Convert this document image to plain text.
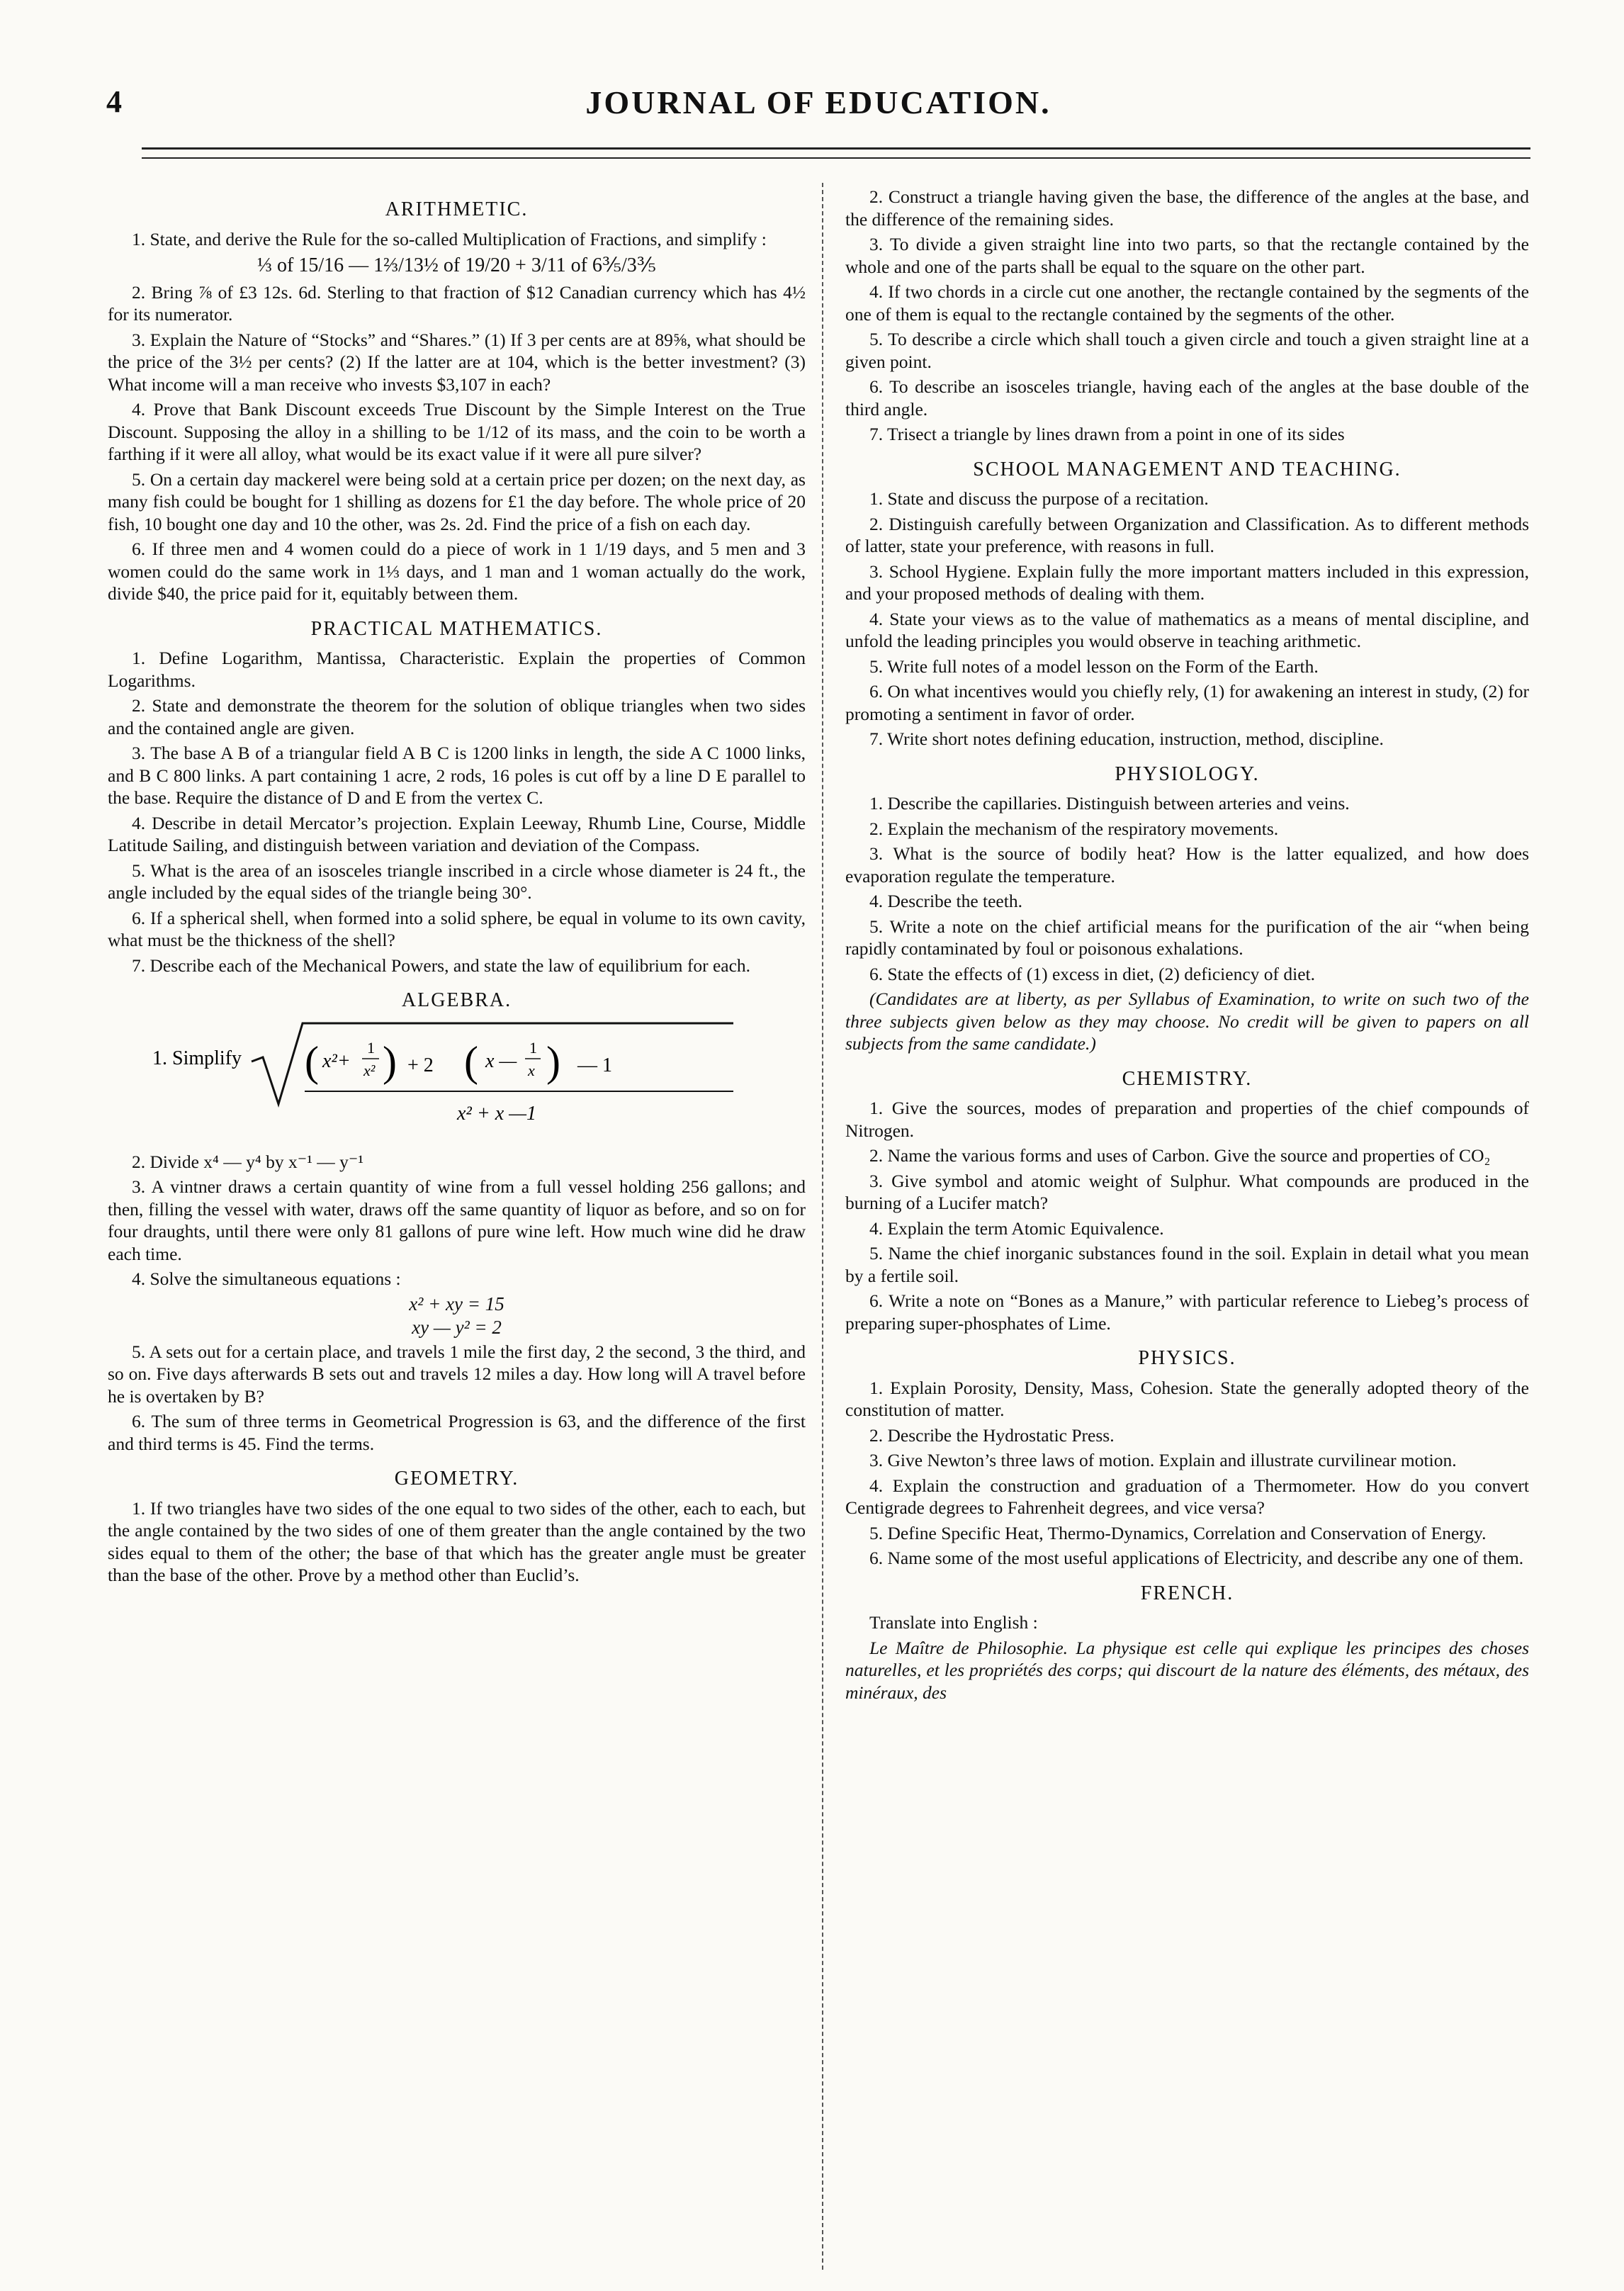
4	JOURNAL OF EDUCATION.
ARITHMETIC.

1. State, and derive the Rule for the so-called Multiplication of Fractions, and simplify :

⅓ of 15/16 — 1⅔/13½ of 19/20 + 3/11 of 6⅗/3⅗

2. Bring ⅞ of £3 12s. 6d. Sterling to that fraction of $12 Canadian currency which has 4½ for its numerator.

3. Explain the Nature of “Stocks” and “Shares.” (1) If 3 per cents are at 89⅝, what should be the price of the 3½ per cents? (2) If the latter are at 104, which is the better investment? (3) What income will a man receive who invests $3,107 in each?

4. Prove that Bank Discount exceeds True Discount by the Simple Interest on the True Discount. Supposing the alloy in a shilling to be 1/12 of its mass, and the coin to be worth a farthing if it were all alloy, what would be its exact value if it were all pure silver?

5. On a certain day mackerel were being sold at a certain price per dozen; on the next day, as many fish could be bought for 1 shilling as dozens for £1 the day before. The whole price of 20 fish, 10 bought one day and 10 the other, was 2s. 2d. Find the price of a fish on each day.

6. If three men and 4 women could do a piece of work in 1 1/19 days, and 5 men and 3 women could do the same work in 1⅓ days, and 1 man and 1 woman actually do the work, divide $40, the price paid for it, equitably between them.

PRACTICAL MATHEMATICS.

1. Define Logarithm, Mantissa, Characteristic. Explain the properties of Common Logarithms.

2. State and demonstrate the theorem for the solution of oblique triangles when two sides and the contained angle are given.

3. The base A B of a triangular field A B C is 1200 links in length, the side A C 1000 links, and B C 800 links. A part containing 1 acre, 2 rods, 16 poles is cut off by a line D E parallel to the base. Require the distance of D and E from the vertex C.

4. Describe in detail Mercator’s projection. Explain Leeway, Rhumb Line, Course, Middle Latitude Sailing, and distinguish between variation and deviation of the Compass.

5. What is the area of an isosceles triangle inscribed in a circle whose diameter is 24 ft., the angle included by the equal sides of the triangle being 30°.

6. If a spherical shell, when formed into a solid sphere, be equal in volume to its own cavity, what must be the thickness of the shell?

7. Describe each of the Mechanical Powers, and state the law of equilibrium for each.

ALGEBRA.
1. Simplify ( x²+
1
x² ) + 2 ( x —
1
x ) — 1
x² + x —1

2. Divide x⁴ — y⁴ by x⁻¹ — y⁻¹

3. A vintner draws a certain quantity of wine from a full vessel holding 256 gallons; and then, filling the vessel with water, draws off the same quantity of liquor as before, and so on for four draughts, until there were only 81 gallons of pure wine left. How much wine did he draw each time.

4. Solve the simultaneous equations :

x² + xy = 15
xy — y² = 2

5. A sets out for a certain place, and travels 1 mile the first day, 2 the second, 3 the third, and so on. Five days afterwards B sets out and travels 12 miles a day. How long will A travel before he is overtaken by B?

6. The sum of three terms in Geometrical Progression is 63, and the difference of the first and third terms is 45. Find the terms.

GEOMETRY.

1. If two triangles have two sides of the one equal to two sides of the other, each to each, but the angle contained by the two sides of one of them greater than the angle contained by the two sides equal to them of the other; the base of that which has the greater angle must be greater than the base of the other. Prove by a method other than Euclid’s.

2. Construct a triangle having given the base, the difference of the angles at the base, and the difference of the remaining sides.

3. To divide a given straight line into two parts, so that the rectangle contained by the whole and one of the parts shall be equal to the square on the other part.

4. If two chords in a circle cut one another, the rectangle contained by the segments of the one of them is equal to the rectangle contained by the segments of the other.

5. To describe a circle which shall touch a given circle and touch a given straight line at a given point.

6. To describe an isosceles triangle, having each of the angles at the base double of the third angle.

7. Trisect a triangle by lines drawn from a point in one of its sides

SCHOOL MANAGEMENT AND TEACHING.

1. State and discuss the purpose of a recitation.

2. Distinguish carefully between Organization and Classification. As to different methods of latter, state your preference, with reasons in full.

3. School Hygiene. Explain fully the more important matters included in this expression, and your proposed methods of dealing with them.

4. State your views as to the value of mathematics as a means of mental discipline, and unfold the leading principles you would observe in teaching arithmetic.

5. Write full notes of a model lesson on the Form of the Earth.

6. On what incentives would you chiefly rely, (1) for awakening an interest in study, (2) for promoting a sentiment in favor of order.

7. Write short notes defining education, instruction, method, discipline.

PHYSIOLOGY.

1. Describe the capillaries. Distinguish between arteries and veins.

2. Explain the mechanism of the respiratory movements.

3. What is the source of bodily heat? How is the latter equalized, and how does evaporation regulate the temperature.

4. Describe the teeth.

5. Write a note on the chief artificial means for the purification of the air “when being rapidly contaminated by foul or poisonous exhalations.

6. State the effects of (1) excess in diet, (2) deficiency of diet.

(Candidates are at liberty, as per Syllabus of Examination, to write on such two of the three subjects given below as they may choose. No credit will be given to papers on all subjects from the same candidate.)

CHEMISTRY.

1. Give the sources, modes of preparation and properties of the chief compounds of Nitrogen.

2. Name the various forms and uses of Carbon. Give the source and properties of CO₂

3. Give symbol and atomic weight of Sulphur. What compounds are produced in the burning of a Lucifer match?

4. Explain the term Atomic Equivalence.

5. Name the chief inorganic substances found in the soil. Explain in detail what you mean by a fertile soil.

6. Write a note on “Bones as a Manure,” with particular reference to Liebeg’s process of preparing super-phosphates of Lime.

PHYSICS.

1. Explain Porosity, Density, Mass, Cohesion. State the generally adopted theory of the constitution of matter.

2. Describe the Hydrostatic Press.

3. Give Newton’s three laws of motion. Explain and illustrate curvilinear motion.

4. Explain the construction and graduation of a Thermometer. How do you convert Centigrade degrees to Fahrenheit degrees, and vice versa?

5. Define Specific Heat, Thermo-Dynamics, Correlation and Conservation of Energy.

6. Name some of the most useful applications of Electricity, and describe any one of them.

FRENCH.

Translate into English :

Le Maître de Philosophie. La physique est celle qui explique les principes des choses naturelles, et les propriétés des corps; qui discourt de la nature des éléments, des métaux, des minéraux, des
